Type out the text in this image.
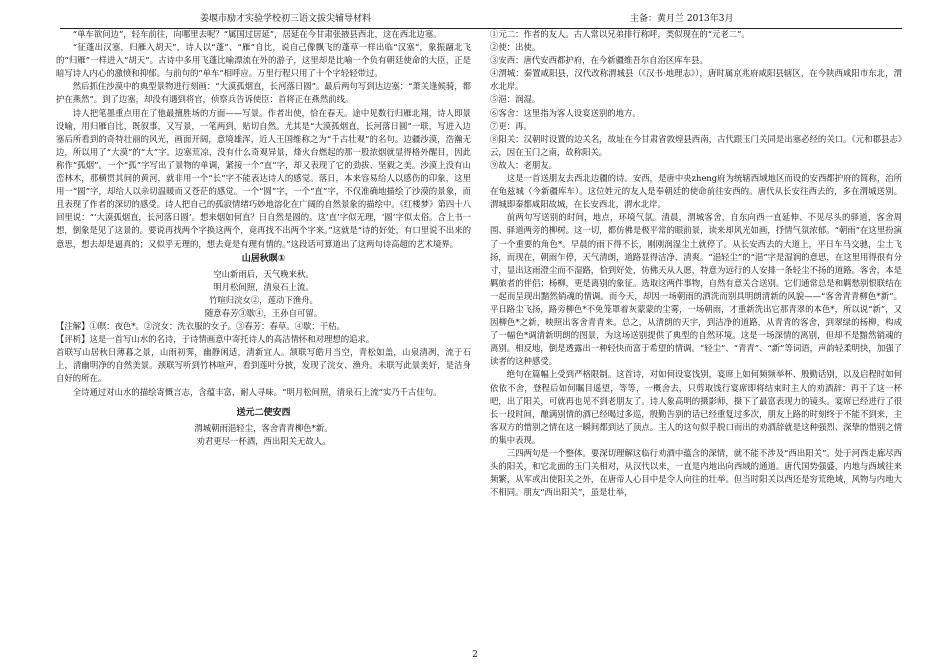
姜堰市励才实验学校初三语文拔尖辅导材料	主备：黄月兰 2013年3月

“单车欲问边”，轻车前往，向哪里去呢？“属国过居延”，居延在今甘肃张掖县西北，这在西北边塞。

“征蓬出汉塞，归雁入胡天”，诗人以“蓬”、“雁”自比，说自己像飘飞的蓬草一样出临“汉塞”，象振翮北飞的“归雁”一样进入“胡天”。古诗中多用飞蓬比喻漂流在外的游子，这里却是比喻一个负有朝廷使命的大臣，正是暗写诗人内心的激愤和抑郁。与前句的“单车”相呼应。万里行程只用了十个字轻轻带过。

然后抓住沙漠中的典型景物进行刻画：“大漠孤烟直，长河落日圆”。最后两句写到达边塞：“萧关逢候骑，都护在燕然”。到了边塞，却没有遇到将官，侦察兵告诉使臣：首将正在燕然前线。

诗人把笔墨重点用在了他最擅胜场的方面——写景。作者出使，恰在春天。途中见数行归雁北翔，诗人即景设喻，用归雁自比，既叙事，又写景，一笔两到，贴切自然。尤其是“大漠孤烟直，长河落日圆”一联，写进入边塞后所看到的奇特壮丽的风光，画面开阔，意境雄浑，近人王国维称之为“千古壮观”的名句。边疆沙漠，浩瀚无边，所以用了“大漠”的“大”字。边塞荒凉，没有什么奇观异景，烽火台燃起的那一股浓烟就显得格外醒目，因此称作“孤烟”。一个“孤”字写出了景物的单调，紧接一个“直”字，却又表现了它的劲拔、坚毅之美。沙漠上没有山峦林木，那横贯其间的黄河，就非用一个“长”字不能表达诗人的感觉。落日，本来容易给人以感伤的印象，这里用一“圆”字，却给人以亲切温暖而又苍茫的感觉。一个“圆”字，一个“直”字，不仅准确地描绘了沙漠的景象，而且表现了作者的深切的感受。诗人把自己的孤寂情绪巧妙地溶化在广阔的自然景象的描绘中。《红楼梦》第四十八回里说：“‘大漠孤烟直，长河落日圆’。想来烟如何直？日自然是圆的。这‘直’字似无理，‘圆’字似太俗。合上书一想，倒象是见了这景的。要说再找两个字换这两个，竟再找不出两个字来。”这就是“诗的好处，有口里说不出来的意思，想去却是逼真的；又似乎无理的，想去竟是有理有情的。”这段话可算道出了这两句诗高超的艺术境界。

山居秋暝①

空山新雨后，天气晚来秋。

明月松间照，清泉石上流。

竹喧归浣女②，莲动下渔舟。

随意春芳③歇④，王孙自可留。

【注解】①暝：夜色*。②浣女：洗衣服的女子。③春芳：春草。④歇：干枯。

【评析】这是一首写山水的名诗，于诗情画意中寄托诗人的高洁情怀和对理想的追求。

首联写山居秋日薄暮之景，山雨初霁，幽静闲适，清新宜人。颔联写皓月当空，青松如盖，山泉清冽，流于石上，清幽明净的自然美景。颈联写听到竹林喧声，看到莲叶分披，发现了浣女、渔舟。未联写此景美好，是洁身自好的所在。

全诗通过对山水的描绘寄慨言志，含蕴丰富，耐人寻味。“明月松间照，清泉石上流”实乃千古佳句。

送元二使安西

渭城朝雨浥轻尘，客舍青青柳色*新。

劝君更尽一杯酒，西出阳关无故人。

①元二：作者的友人。古人常以兄弟排行称呼，类似现在的“元老二”。

②使：出使。

③安西：唐代安西都护府，在今新疆维吾尔自治区库车县。

④渭城：秦置咸阳县，汉代改称渭城县（《汉书·地理志》），唐时属京兆府咸阳县辖区，在今陕西咸阳市东北，渭水北岸。

⑤浥：润湿。

⑥客舍：这里指为客人设宴送别的地方。

⑦更：再。

⑧阳关：汉朝时设置的边关名，故址在今甘肃省敦煌县西南，古代跟玉门关同是出塞必经的关口。《元和郡县志》云，因在玉门之南，故称阳关。

⑨故人：老朋友。

这是一首送朋友去西北边疆的诗。安西，是唐中央zheng府为统辖西域地区而设的安西都护府的简称，治所在龟兹城（今新疆库车）。这位姓元的友人是奉朝廷的使命前往安西的。唐代从长安往西去的，多在渭城送别。渭城即秦都咸阳故城，在长安西北，渭水北岸。

前两句写送别的时间，地点，环境气氛。清晨，渭城客舍，自东向西一直延伸、不见尽头的驿道，客舍周围、驿道两旁的柳树。这一切，都仿佛是极平常的眼前景，读来却风光如画，抒情气氛浓郁。“朝雨”在这里扮演了一个重要的角色*。早晨的雨下得不长，刚刚润湿尘土就停了。从长安西去的大道上，平日车马交驰，尘土飞扬，而现在，朝雨乍停，天气清朗，道路显得洁净、清爽。“浥轻尘”的“浥”字是湿润的意思，在这里用得很有分寸，显出这雨澄尘而不湿路，恰到好处，仿佛天从人愿，特意为远行的人安排一条轻尘不扬的道路。客舍，本是羁旅者的伴侣；杨柳，更是离别的象征。选取这两件事物，自然有意关合送别。它们通常总是和羁愁别恨联结在一起而呈现出黯然销魂的情调。而今天，却因一场朝雨的洒洗而别具明朗清新的风貌——“客舍青青柳色*新”。平日路尘飞扬，路旁柳色*不免笼罩着灰蒙蒙的尘雾，一场朝雨，才重新洗出它那青翠的本色*，所以说“新”，又因柳色*之新，映照出客舍青青来。总之，从清朗的天宇，到洁净的道路，从青青的客舍，到翠绿的杨柳，构成了一幅色*调清新明朗的图景，为这场送别提供了典型的自然环境。这是一场深情的离别，但却不是黯然销魂的离别。相反地，倒是透露出一种轻快而富于希望的情调。“轻尘”、“青青”、“新”等词语，声韵轻柔明快，加强了读者的这种感受。

绝句在篇幅上受到严格限制。这首诗，对如何设宴饯别，宴席上如何频频举杯、殷勤话别，以及启程时如何依依不舍，登程后如何瞩目遥望，等等，一概舍去，只剪取饯行宴席即将结束时主人的劝酒辞：再干了这一杯吧，出了阳关，可就再也见不到老朋友了。诗人象高明的摄影师，摄下了最富表现力的镜头。宴席已经进行了很长一段时间，酿满别情的酒已经喝过多巡，殷勤告别的话已经重复过多次，朋友上路的时刻终于不能不到来，主客双方的惜别之情在这一瞬间都到达了顶点。主人的这句似乎脱口而出的劝酒辞就是这种强烈、深挚的惜别之情的集中表现。

三四两句是一个整体。要深切理解这临行劝酒中蕴含的深情，就不能不涉及“西出阳关”。处于河西走廊尽西头的阳关，和它北面的玉门关相对，从汉代以来，一直是内地出向西域的通道。唐代国势强盛，内地与西域往来频繁，从军或出使阳关之外，在唐帝人心目中是令人向往的壮举。但当时阳关以西还是穷荒绝域，风物与内地大不相同。朋友“西出阳关”，虽是壮举，

2
